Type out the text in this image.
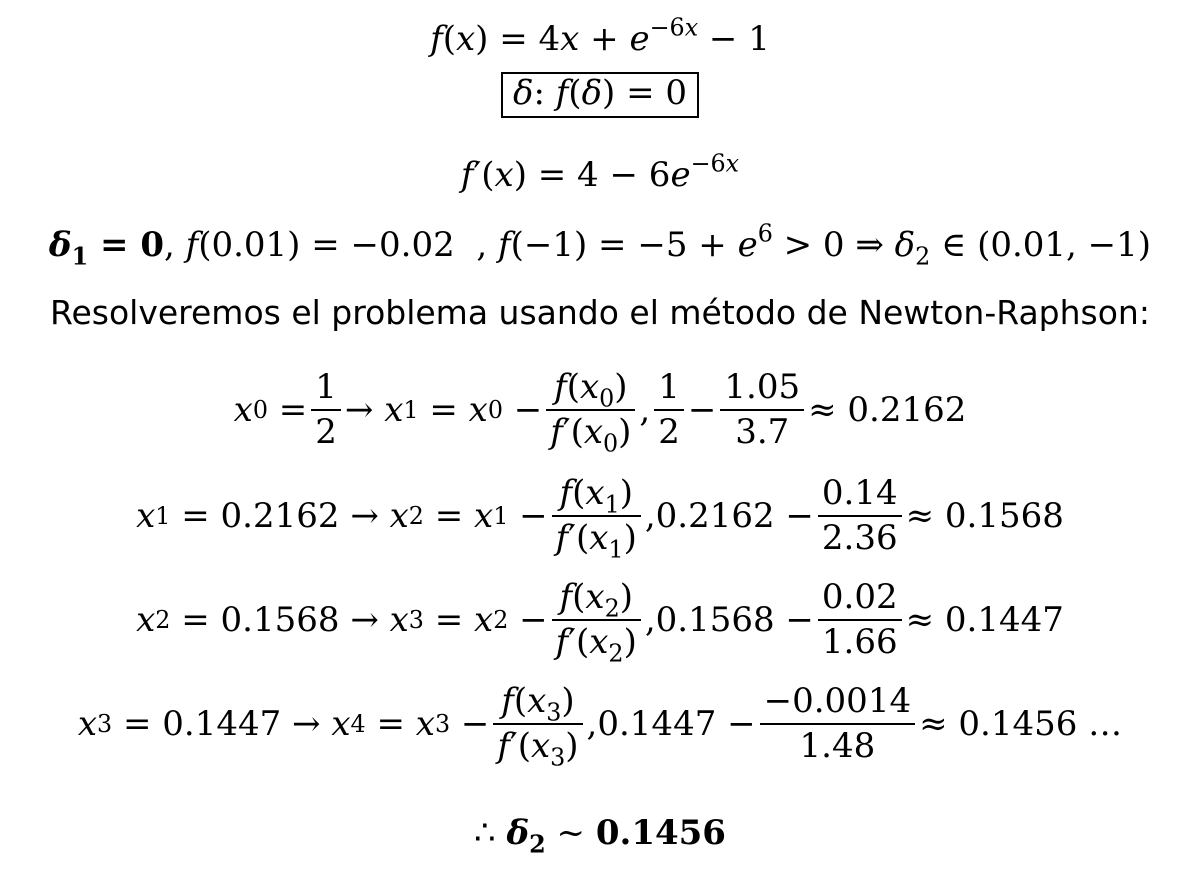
$f(x) = 4x + e^{-6x} - 1$
δ: f(δ) = 0
$f'(x) = 4 - 6e^{-6x}$
$\delta_1 = 0$, f(0.01) = −0.02  , $f(-1) = -5 + e^6 > 0$ ⇒ $\delta_2$ ∈ (0.01, −1)
Resolveremos el problema usando el método de Newton-Raphson:
x $0 = \frac{1}{2} \to x$ 1 = x $0 - \frac{f(x_0)}{f'(x_0)}$ , $\frac{1}{2} - \frac{1.05}{3.7} \approx 0.2162$
x 1 = 0.2162 → x 2 = x $1 - \frac{f(x_1)}{f'(x_1)}$ , $0.2162 - \frac{0.14}{2.36} \approx 0.1568$
x 2 = 0.1568 → x 3 = x $2 - \frac{f(x_2)}{f'(x_2)}$ , $0.1568 - \frac{0.02}{1.66} \approx 0.1447$
x 3 = 0.1447 → x 4 = x $3 - \frac{f(x_3)}{f'(x_3)}$ , $0.1447 - \frac{-0.0014}{1.48} \approx 0.1456$
…
∴ $\delta_2$ ~ 0.1456
